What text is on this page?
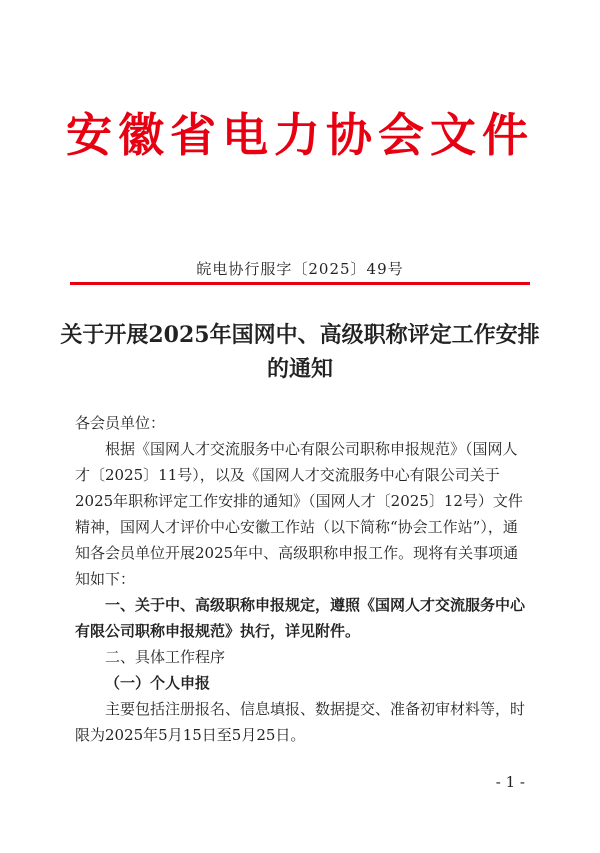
安徽省电力协会文件
皖电协行服字〔2025〕49号
关于开展2025年国网中、高级职称评定工作安排
的通知

各会员单位：

根据《国网人才交流服务中心有限公司职称申报规范》（国网人才〔2025〕11号），以及《国网人才交流服务中心有限公司关于2025年职称评定工作安排的通知》（国网人才〔2025〕12号）文件精神，国网人才评价中心安徽工作站（以下简称“协会工作站”），通知各会员单位开展2025年中、高级职称申报工作。现将有关事项通知如下：

一、关于中、高级职称申报规定，遵照《国网人才交流服务中心有限公司职称申报规范》执行，详见附件。

二、具体工作程序

（一）个人申报

主要包括注册报名、信息填报、数据提交、准备初审材料等，时限为2025年5月15日至5月25日。

- 1 -
